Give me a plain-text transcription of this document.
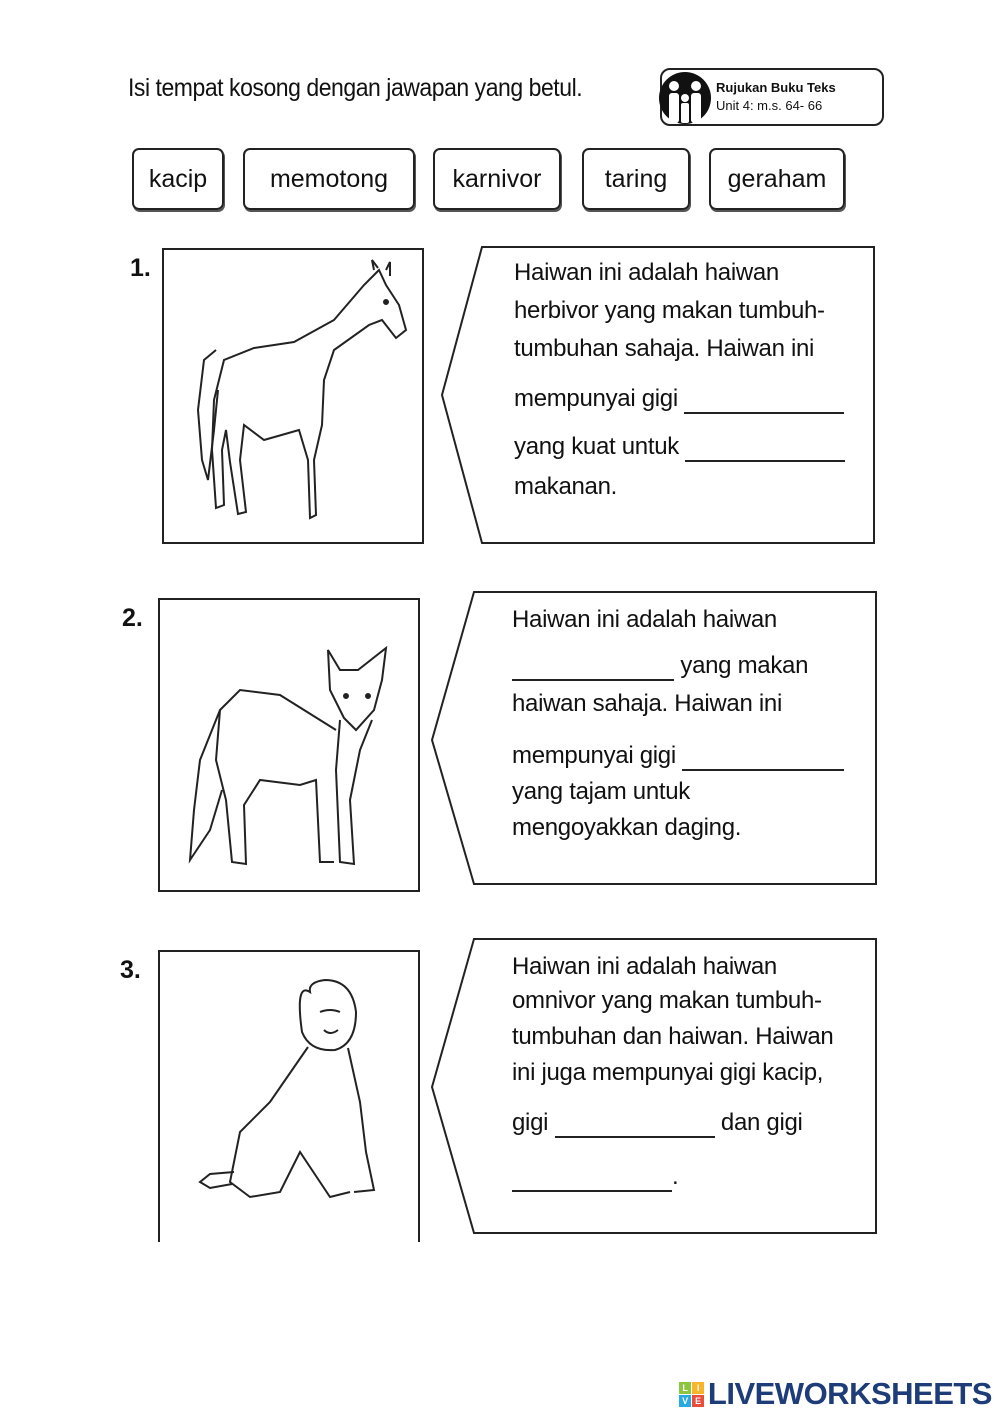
Isi tempat kosong dengan jawapan yang betul.	Rujukan Buku Teks
Unit 4: m.s. 64- 66
kacip	memotong	karnivor	taring	geraham
1.	Haiwan ini adalah haiwan
herbivor yang makan tumbuh-
tumbuhan sahaja. Haiwan ini
mempunyai gigi
yang kuat untuk
makanan.
2.	Haiwan ini adalah haiwan
yang makan
haiwan sahaja. Haiwan ini
mempunyai gigi
yang tajam untuk
mengoyakkan daging.
3.	Haiwan ini adalah haiwan
omnivor yang makan tumbuh-
tumbuhan dan haiwan. Haiwan
ini juga mempunyai gigi kacip,
gigi	dan gigi
.
L	I
V E LIVEWORKSHEETS
